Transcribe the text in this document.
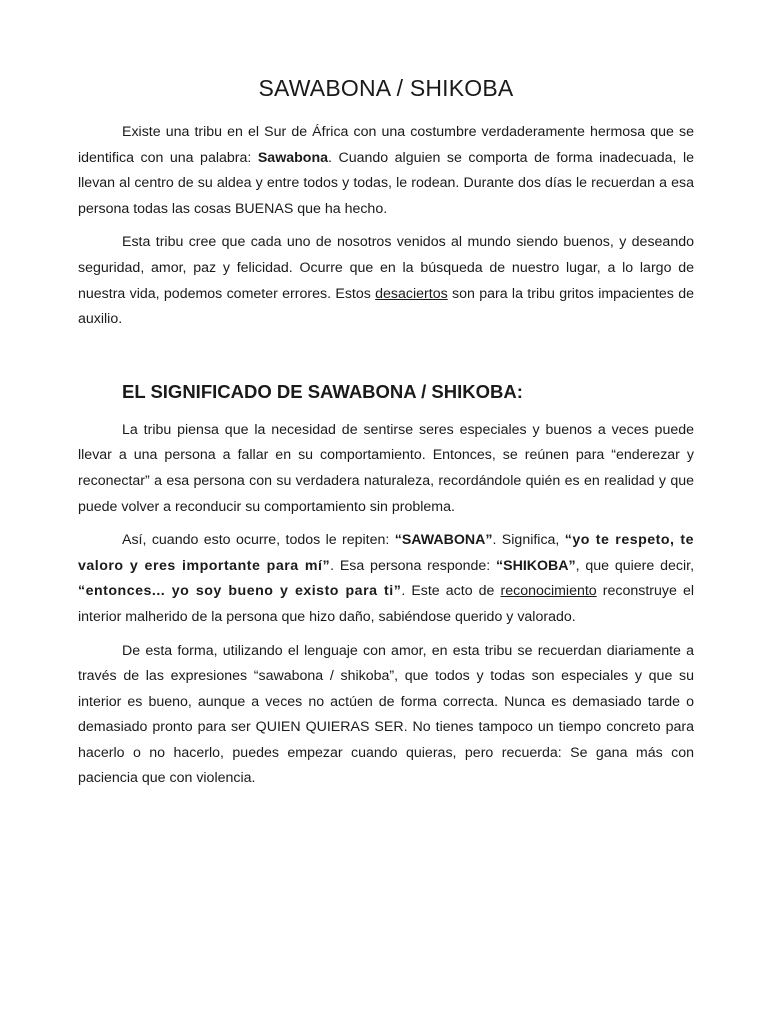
SAWABONA / SHIKOBA

Existe una tribu en el Sur de África con una costumbre verdaderamente hermosa que se identifica con una palabra: Sawabona. Cuando alguien se comporta de forma inadecuada, le llevan al centro de su aldea y entre todos y todas, le rodean. Durante dos días le recuerdan a esa persona todas las cosas BUENAS que ha hecho.

Esta tribu cree que cada uno de nosotros venidos al mundo siendo buenos, y deseando seguridad, amor, paz y felicidad. Ocurre que en la búsqueda de nuestro lugar, a lo largo de nuestra vida, podemos cometer errores. Estos desaciertos son para la tribu gritos impacientes de auxilio.

EL SIGNIFICADO DE SAWABONA / SHIKOBA:

La tribu piensa que la necesidad de sentirse seres especiales y buenos a veces puede llevar a una persona a fallar en su comportamiento. Entonces, se reúnen para “enderezar y reconectar” a esa persona con su verdadera naturaleza, recordándole quién es en realidad y que puede volver a reconducir su comportamiento sin problema.

Así, cuando esto ocurre, todos le repiten: “SAWABONA”. Significa, “yo te respeto, te valoro y eres importante para mí”. Esa persona responde: “SHIKOBA”, que quiere decir, “entonces... yo soy bueno y existo para ti”. Este acto de reconocimiento reconstruye el interior malherido de la persona que hizo daño, sabiéndose querido y valorado.

De esta forma, utilizando el lenguaje con amor, en esta tribu se recuerdan diariamente a través de las expresiones “sawabona / shikoba”, que todos y todas son especiales y que su interior es bueno, aunque a veces no actúen de forma correcta. Nunca es demasiado tarde o demasiado pronto para ser QUIEN QUIERAS SER. No tienes tampoco un tiempo concreto para hacerlo o no hacerlo, puedes empezar cuando quieras, pero recuerda: Se gana más con paciencia que con violencia.
